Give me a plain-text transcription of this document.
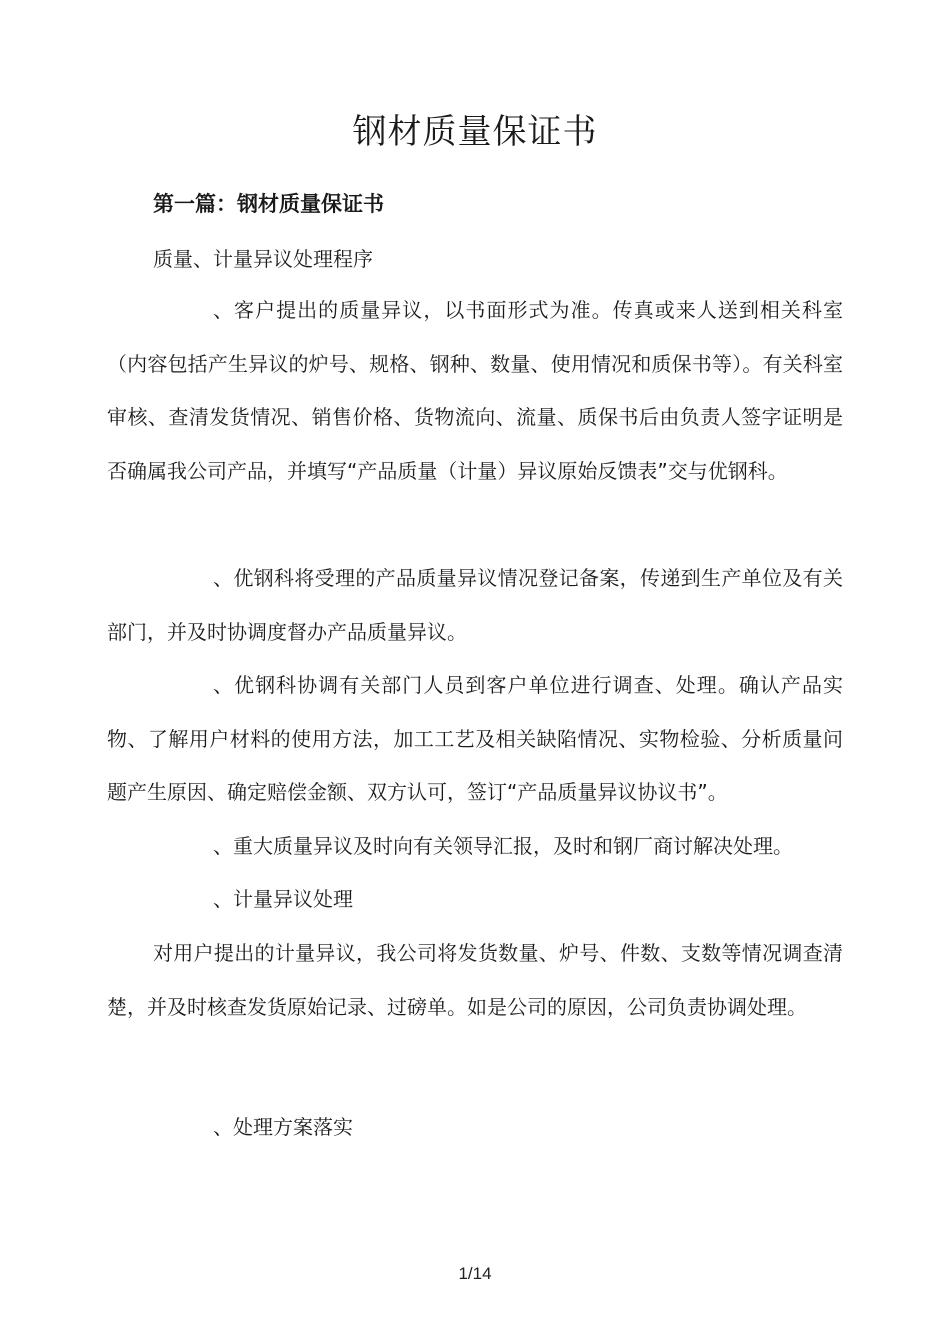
钢材质量保证书
第一篇：钢材质量保证书
质量、计量异议处理程序
、客户提出的质量异议，以书面形式为准。传真或来人送到相关科室（内容包括产生异议的炉号、规格、钢种、数量、使用情况和质保书等）。有关科室审核、查清发货情况、销售价格、货物流向、流量、质保书后由负责人签字证明是否确属我公司产品，并填写“产品质量（计量）异议原始反馈表”交与优钢科。
、优钢科将受理的产品质量异议情况登记备案，传递到生产单位及有关部门，并及时协调度督办产品质量异议。
、优钢科协调有关部门人员到客户单位进行调查、处理。确认产品实物、了解用户材料的使用方法，加工工艺及相关缺陷情况、实物检验、分析质量问题产生原因、确定赔偿金额、双方认可，签订“产品质量异议协议书”。
、重大质量异议及时向有关领导汇报，及时和钢厂商讨解决处理。
、计量异议处理
对用户提出的计量异议，我公司将发货数量、炉号、件数、支数等情况调查清楚，并及时核查发货原始记录、过磅单。如是公司的原因，公司负责协调处理。
、处理方案落实
1/14
